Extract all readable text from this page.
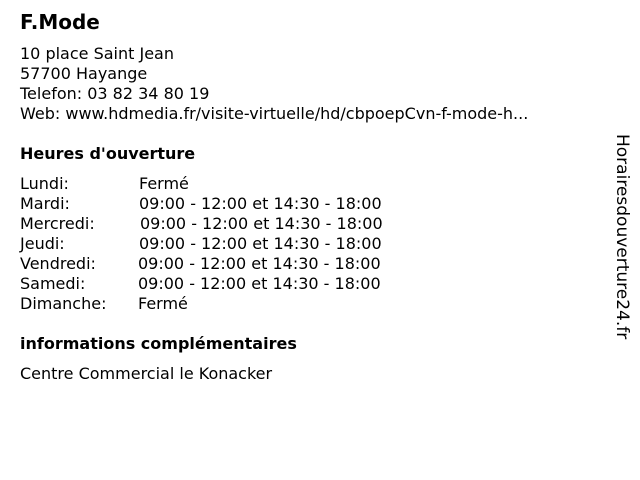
F.Mode
10 place Saint Jean
57700 Hayange
Telefon: 03 82 34 80 19
Web: www.hdmedia.fr/visite-virtuelle/hd/cbpoepCvn-f-mode-h...
Heures d'ouverture
Lundi:	Fermé
Mardi:	09:00 - 12:00 et 14:30 - 18:00
Mercredi:	09:00 - 12:00 et 14:30 - 18:00
Jeudi:	09:00 - 12:00 et 14:30 - 18:00
Vendredi:	09:00 - 12:00 et 14:30 - 18:00
Samedi:	09:00 - 12:00 et 14:30 - 18:00
Dimanche: Fermé
informations complémentaires
Centre Commercial le Konacker
Horairesdouverture24.fr
